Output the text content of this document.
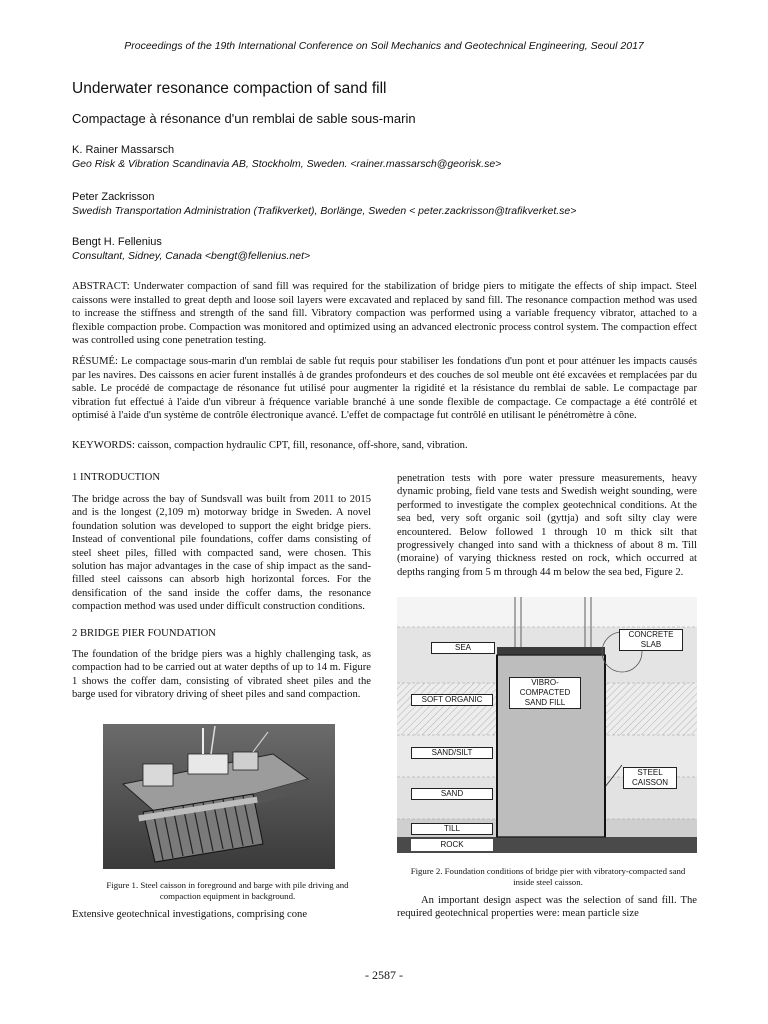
Proceedings of the 19th International Conference on Soil Mechanics and Geotechnical Engineering, Seoul 2017
Underwater resonance compaction of sand fill
Compactage à résonance d'un remblai de sable sous-marin
K. Rainer Massarsch
Geo Risk & Vibration Scandinavia AB, Stockholm, Sweden. <rainer.massarsch@georisk.se>
Peter Zackrisson
Swedish Transportation Administration (Trafikverket), Borlänge, Sweden < peter.zackrisson@trafikverket.se>
Bengt H. Fellenius
Consultant, Sidney, Canada <bengt@fellenius.net>
ABSTRACT: Underwater compaction of sand fill was required for the stabilization of bridge piers to mitigate the effects of ship impact. Steel caissons were installed to great depth and loose soil layers were excavated and replaced by sand fill. The resonance compaction method was used to increase the stiffness and strength of the sand fill. Vibratory compaction was performed using a variable frequency vibrator, attached to a flexible compaction probe. Compaction was monitored and optimized using an advanced electronic process control system. The compaction effect was controlled using cone penetration testing.
RÉSUMÉ: Le compactage sous-marin d'un remblai de sable fut requis pour stabiliser les fondations d'un pont et pour atténuer les impacts causés par les navires. Des caissons en acier furent installés à de grandes profondeurs et des couches de sol meuble ont été excavées et remplacées par du sable. Le procédé de compactage de résonance fut utilisé pour augmenter la rigidité et la résistance du remblai de sable. Le compactage par vibration fut effectué à l'aide d'un vibreur à fréquence variable branché à une sonde flexible de compactage. Ce compactage a été contrôlé et optimisé à l'aide d'un système de contrôle électronique avancé. L'effet de compactage fut contrôlé en utilisant le pénétromètre à cône.
KEYWORDS: caisson, compaction hydraulic CPT, fill, resonance, off-shore, sand, vibration.
1 INTRODUCTION
The bridge across the bay of Sundsvall was built from 2011 to 2015 and is the longest (2,109 m) motorway bridge in Sweden. A novel foundation solution was developed to support the eight bridge piers. Instead of conventional pile foundations, coffer dams consisting of steel sheet piles, filled with compacted sand, were chosen. This solution has major advantages in the case of ship impact as the sand-filled steel caissons can absorb high horizontal forces. For the densification of the sand inside the coffer dams, the resonance compaction method was used under difficult construction conditions.
2 BRIDGE PIER FOUNDATION
The foundation of the bridge piers was a highly challenging task, as compaction had to be carried out at water depths of up to 14 m. Figure 1 shows the coffer dam, consisting of vibrated sheet piles and the barge used for vibratory driving of sheet piles and sand compaction.
Figure 1. Steel caisson in foreground and barge with pile driving and compaction equipment in background.
Extensive geotechnical investigations, comprising cone
penetration tests with pore water pressure measurements, heavy dynamic probing, field vane tests and Swedish weight sounding, were performed to investigate the complex geotechnical conditions. At the sea bed, very soft organic soil (gyttja) and soft silty clay were encountered. Below followed 1 through 10 m thick silt that progressively changed into sand with a thickness of about 8 m. Till (moraine) of varying thickness rested on rock, which occurred at depths ranging from 5 m through 44 m below the sea bed, Figure 2.
SEA
SOFT ORGANIC
SAND/SILT
SAND
TILL
ROCK
CONCRETE SLAB
VIBRO-COMPACTED SAND FILL
STEEL CAISSON
Figure 2. Foundation conditions of bridge pier with vibratory-compacted sand inside steel caisson.
An important design aspect was the selection of sand fill. The required geotechnical properties were: mean particle size
- 2587 -
